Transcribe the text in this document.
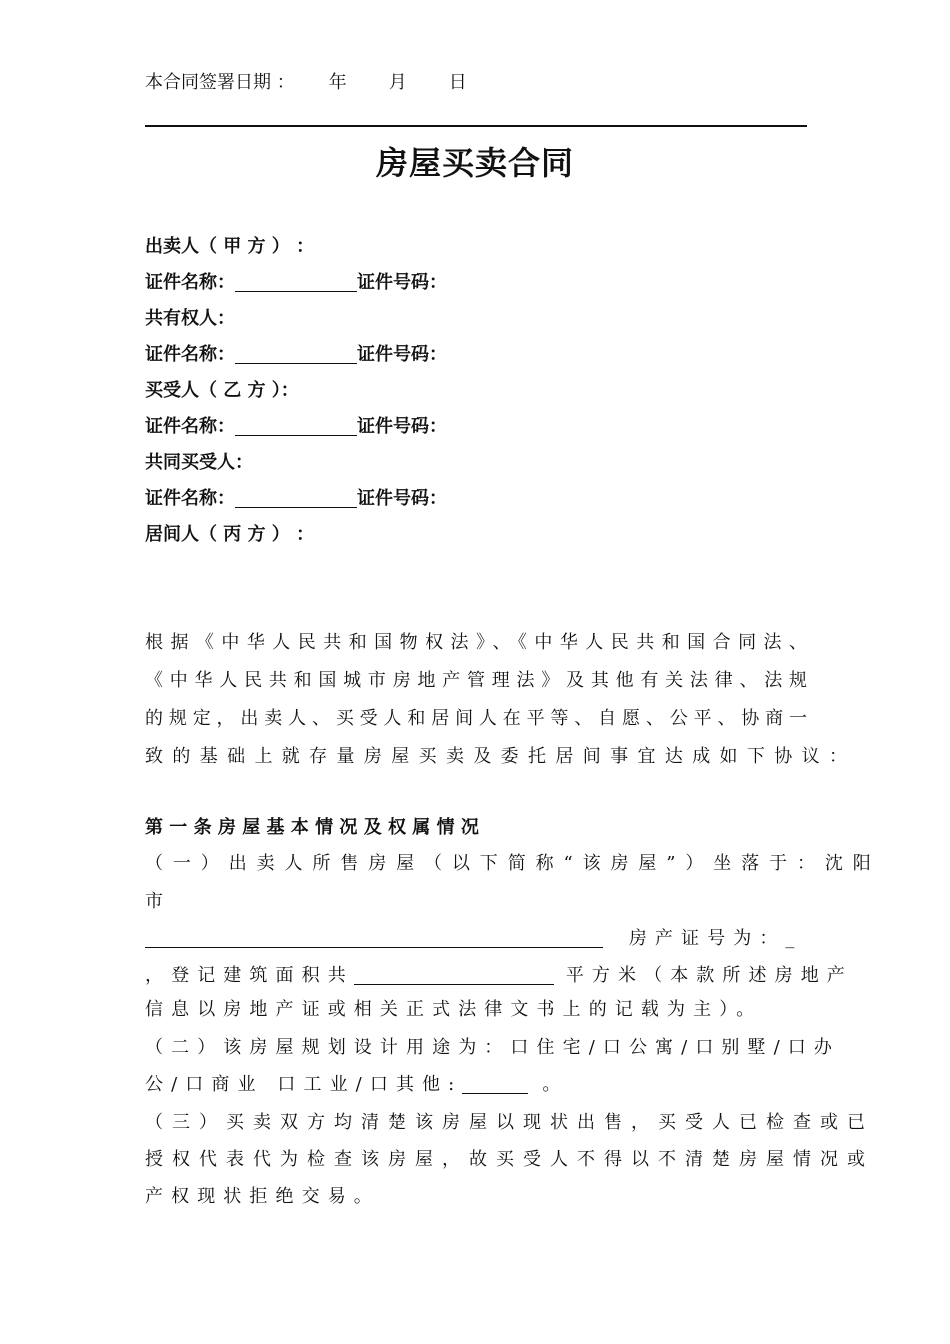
本合同签署日期 ： 年 月 日
房屋买卖合同
出卖人（ 甲 方 ） ：
证件名称：	证件号码：
共有权人：
证件名称：	证件号码：
买受人（ 乙 方 ）：
证件名称：	证件号码：
共同买受人：
证件名称：	证件号码：
居间人（ 丙 方 ） ：
根据《中华人民共和国物权法》、《中华人民共和国合同法、
《中华人民共和国城市房地产管理法》及其他有关法律、法规
的规定，出卖人、买受人和居间人在平等、自愿、公平、协商一
致的基础上就存量房屋买卖及委托居间事宜达成如下协议：
第一条房屋基本情况及权属情况
（一）出卖人所售房屋（以下简称“该房屋”）坐落于：沈阳
市
房产证号为：_
，登记建筑面积共	平方米（本款所述房地产
信息以房地产证或相关正式法律文书上的记载为主）。
（二）该房屋规划设计用途为：口住宅/口公寓/口别墅/口办
公/口商业 口工业/口其他:	。
（三）买卖双方均清楚该房屋以现状出售，买受人已检查或已
授权代表代为检查该房屋，故买受人不得以不清楚房屋情况或
产权现状拒绝交易。
